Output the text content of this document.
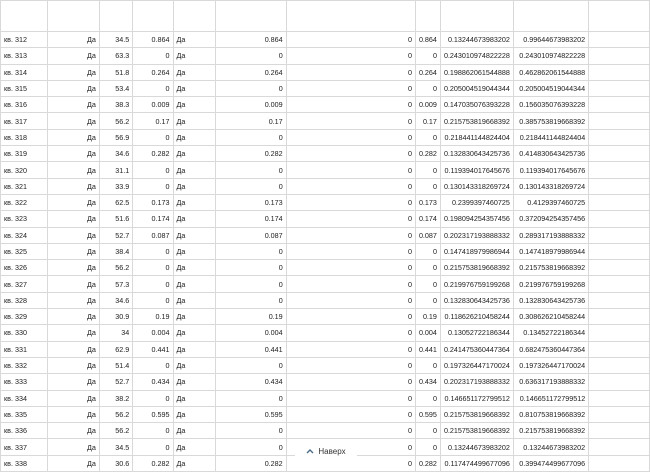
кв. 312	Да	34.5	0.864	Да	0.864	0	0.864	0.13244673983202	0.99644673983202	
кв. 313	Да	63.3	0	Да	0	0	0	0.243010974822228	0.243010974822228	
кв. 314	Да	51.8	0.264	Да	0.264	0	0.264	0.198862061544888	0.462862061544888	
кв. 315	Да	53.4	0	Да	0	0	0	0.205004519044344	0.205004519044344	
кв. 316	Да	38.3	0.009	Да	0.009	0	0.009	0.147035076393228	0.156035076393228	
кв. 317	Да	56.2	0.17	Да	0.17	0	0.17	0.215753819668392	0.385753819668392	
кв. 318	Да	56.9	0	Да	0	0	0	0.218441144824404	0.218441144824404	
кв. 319	Да	34.6	0.282	Да	0.282	0	0.282	0.132830643425736	0.414830643425736	
кв. 320	Да	31.1	0	Да	0	0	0	0.119394017645676	0.119394017645676	
кв. 321	Да	33.9	0	Да	0	0	0	0.130143318269724	0.130143318269724	
кв. 322	Да	62.5	0.173	Да	0.173	0	0.173	0.2399397460725	0.4129397460725	
кв. 323	Да	51.6	0.174	Да	0.174	0	0.174	0.198094254357456	0.372094254357456	
кв. 324	Да	52.7	0.087	Да	0.087	0	0.087	0.202317193888332	0.289317193888332	
кв. 325	Да	38.4	0	Да	0	0	0	0.147418979986944	0.147418979986944	
кв. 326	Да	56.2	0	Да	0	0	0	0.215753819668392	0.215753819668392	
кв. 327	Да	57.3	0	Да	0	0	0	0.219976759199268	0.219976759199268	
кв. 328	Да	34.6	0	Да	0	0	0	0.132830643425736	0.132830643425736	
кв. 329	Да	30.9	0.19	Да	0.19	0	0.19	0.118626210458244	0.308626210458244	
кв. 330	Да	34	0.004	Да	0.004	0	0.004	0.13052722186344	0.13452722186344	
кв. 331	Да	62.9	0.441	Да	0.441	0	0.441	0.241475360447364	0.682475360447364	
кв. 332	Да	51.4	0	Да	0	0	0	0.197326447170024	0.197326447170024	
кв. 333	Да	52.7	0.434	Да	0.434	0	0.434	0.202317193888332	0.636317193888332	
кв. 334	Да	38.2	0	Да	0	0	0	0.146651172799512	0.146651172799512	
кв. 335	Да	56.2	0.595	Да	0.595	0	0.595	0.215753819668392	0.810753819668392	
кв. 336	Да	56.2	0	Да	0	0	0	0.215753819668392	0.215753819668392	
кв. 337	Да	34.5	0	Да	0	0	0	0.13244673983202	0.13244673983202	
кв. 338	Да	30.6	0.282	Да	0.282	0	0.282	0.117474499677096	0.399474499677096	
Наверх
